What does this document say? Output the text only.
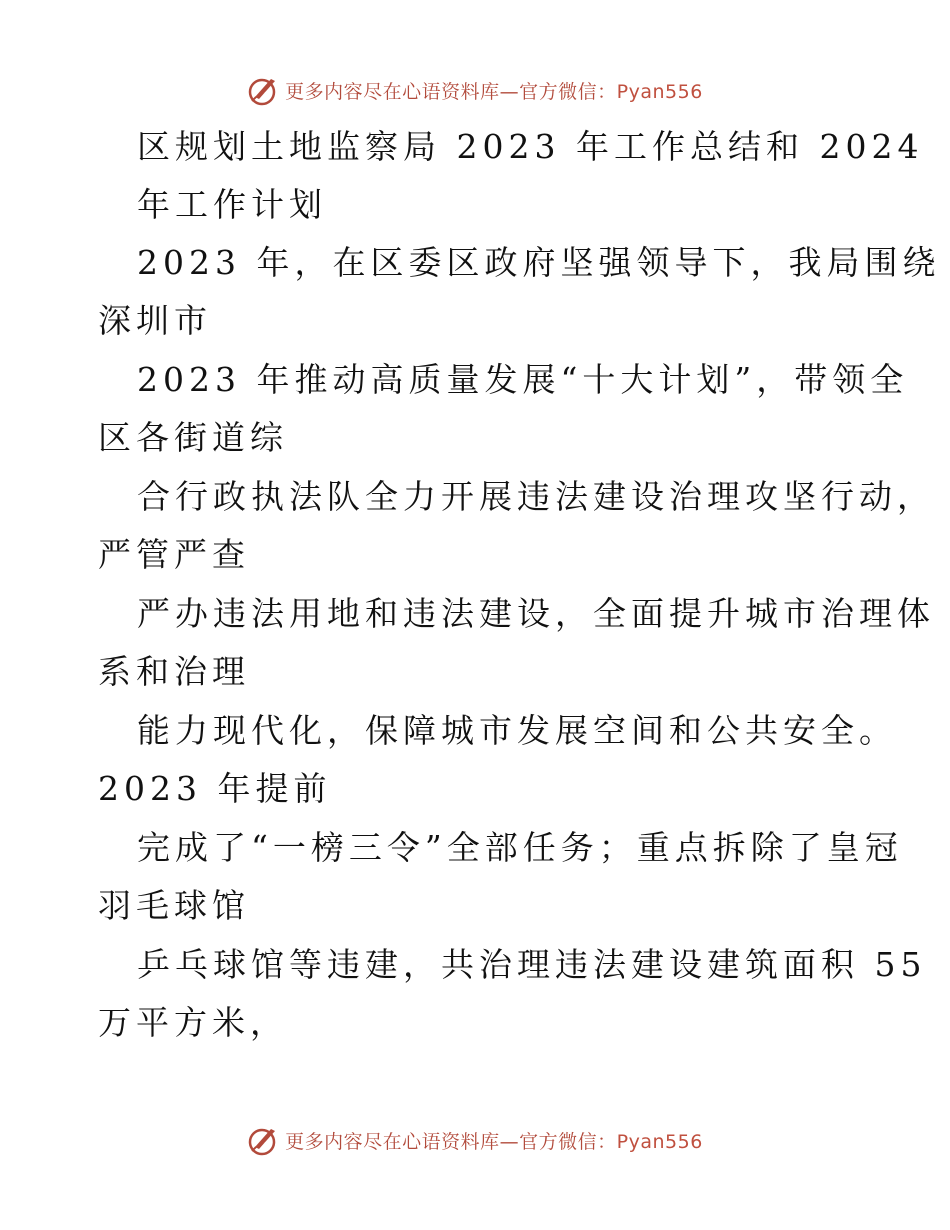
更多内容尽在心语资料库—官方微信：Pyan556
区规划土地监察局 2023 年工作总结和 2024
年工作计划
2023 年，在区委区政府坚强领导下，我局围绕
深圳市
2023 年推动高质量发展“十大计划”，带领全
区各街道综
合行政执法队全力开展违法建设治理攻坚行动，
严管严查
严办违法用地和违法建设，全面提升城市治理体
系和治理
能力现代化，保障城市发展空间和公共安全。
2023 年提前
完成了“一榜三令”全部任务；重点拆除了皇冠
羽毛球馆
乒乓球馆等违建，共治理违法建设建筑面积 55
万平方米，
更多内容尽在心语资料库—官方微信：Pyan556
